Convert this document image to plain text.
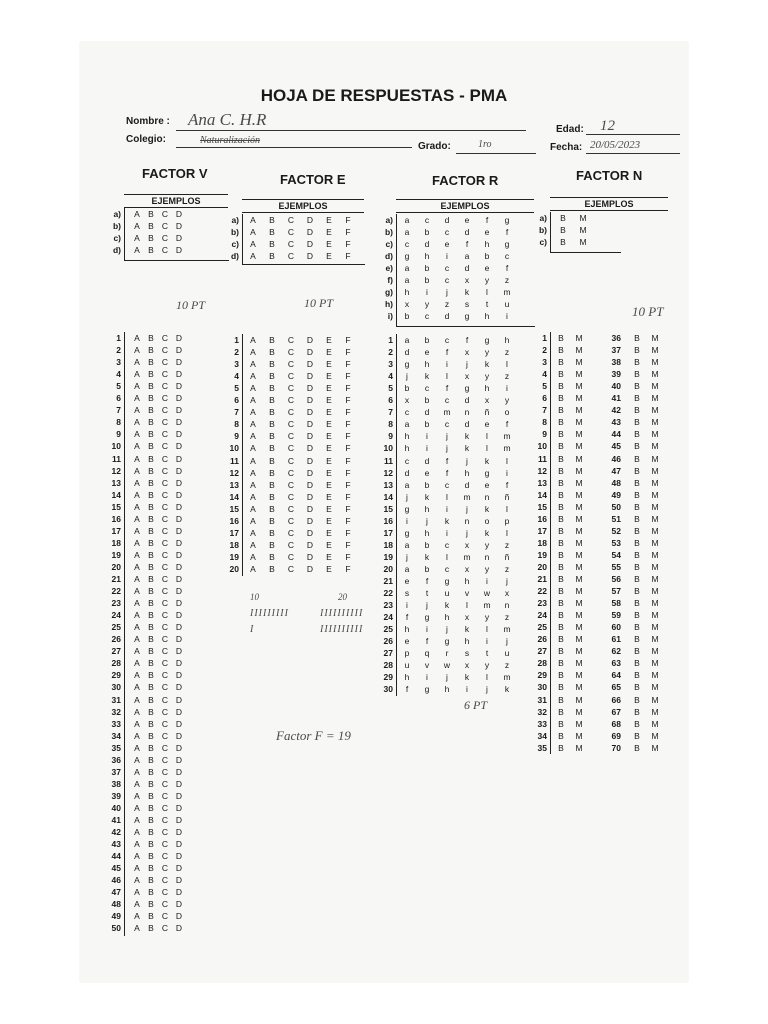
HOJA DE RESPUESTAS - PMA
Nombre : Ana C. H.R
Colegio:	Naturalización
Grado:	1ro
Edad: 12
Fecha: 20/05/2023
FACTOR V	FACTOR E	FACTOR R	FACTOR N
EJEMPLOS	EJEMPLOS	EJEMPLOS	EJEMPLOS
a)	A B C D
b)	A B C D
c)	A B C D
d)	A B C D
a)	A	B	C	D	E	F
b)	A	B	C	D	E	F
c)	A	B	C	D	E	F
d)	A	B	C	D	E	F
a)	a	c	d	e	f	g
b)	a	b	c	d	e	f
c)	c	d	e	f	h	g
d)	g	h	i	a	b	c
e)	a	b	c	d	e	f
f)	a	b	c	x	y	z
g)	h	i	j	k	l	m
h)	x	y	z	s	t	u
i)	b	c	d	g	h	i
a)	B	M
b)	B	M
c)	B	M
10 PT	10 PT
10 PT
6 PT
1	A B C D
2	A B C D
3	A B C D
4	A B C D
5	A B C D
6	A B C D
7	A B C D
8	A B C D
9	A B C D
10	A B C D
11	A B C D
12	A B C D
13	A B C D
14	A B C D
15	A B C D
16	A B C D
17	A B C D
18	A B C D
19	A B C D
20	A B C D
21	A B C D
22	A B C D
23	A B C D
24	A B C D
25	A B C D
26	A B C D
27	A B C D
28	A B C D
29	A B C D
30	A B C D
31	A B C D
32	A B C D
33	A B C D
34	A B C D
35	A B C D
36	A B C D
37	A B C D
38	A B C D
39	A B C D
40	A B C D
41	A B C D
42	A B C D
43	A B C D
44	A B C D
45	A B C D
46	A B C D
47	A B C D
48	A B C D
49	A B C D
50	A B C D
1	A	B	C	D	E	F
2	A	B	C	D	E	F
3	A	B	C	D	E	F
4	A	B	C	D	E	F
5	A	B	C	D	E	F
6	A	B	C	D	E	F
7	A	B	C	D	E	F
8	A	B	C	D	E	F
9	A	B	C	D	E	F
10	A	B	C	D	E	F
11	A	B	C	D	E	F
12	A	B	C	D	E	F
13	A	B	C	D	E	F
14	A	B	C	D	E	F
15	A	B	C	D	E	F
16	A	B	C	D	E	F
17	A	B	C	D	E	F
18	A	B	C	D	E	F
19	A	B	C	D	E	F
20	A	B	C	D	E	F
1	a	b	c	f	g	h
2	d	e	f	x	y	z
3	g	h	i	j	k	l
4	j	k	l	x	y	z
5	b	c	f	g	h	i
6	x	b	c	d	x	y
7	c	d	m	n	ñ	o
8	a	b	c	d	e	f
9	h	i	j	k	l	m
10	h	i	j	k	l	m
11	c	d	f	j	k	l
12	d	e	f	h	g	i
13	a	b	c	d	e	f
14	j	k	l	m	n	ñ
15	g	h	i	j	k	l
16	i	j	k	n	o	p
17	g	h	i	j	k	l
18	a	b	c	x	y	z
19	j	k	l	m	n	ñ
20	a	b	c	x	y	z
21	e	f	g	h	i	j
22	s	t	u	v	w	x
23	i	j	k	l	m	n
24	f	g	h	x	y	z
25	h	i	j	k	l	m
26	e	f	g	h	i	j
27	p	q	r	s	t	u
28	u	v	w	x	y	z
29	h	i	j	k	l	m
30	f	g	h	i	j	k
1	B	M	36	B	M
2	B	M	37	B	M
3	B	M	38	B	M
4	B	M	39	B	M
5	B	M	40	B	M
6	B	M	41	B	M
7	B	M	42	B	M
8	B	M	43	B	M
9	B	M	44	B	M
10	B	M	45	B	M
11	B	M	46	B	M
12	B	M	47	B	M
13	B	M	48	B	M
14	B	M	49	B	M
15	B	M	50	B	M
16	B	M	51	B	M
17	B	M	52	B	M
18	B	M	53	B	M
19	B	M	54	B	M
20	B	M	55	B	M
21	B	M	56	B	M
22	B	M	57	B	M
23	B	M	58	B	M
24	B	M	59	B	M
25	B	M	60	B	M
26	B	M	61	B	M
27	B	M	62	B	M
28	B	M	63	B	M
29	B	M	64	B	M
30	B	M	65	B	M
31	B	M	66	B	M
32	B	M	67	B	M
33	B	M	68	B	M
34	B	M	69	B	M
35	B	M	70	B	M
10
IIIIIIIII
I
20
IIIIIIIIII
IIIIIIIIII
Factor F = 19
